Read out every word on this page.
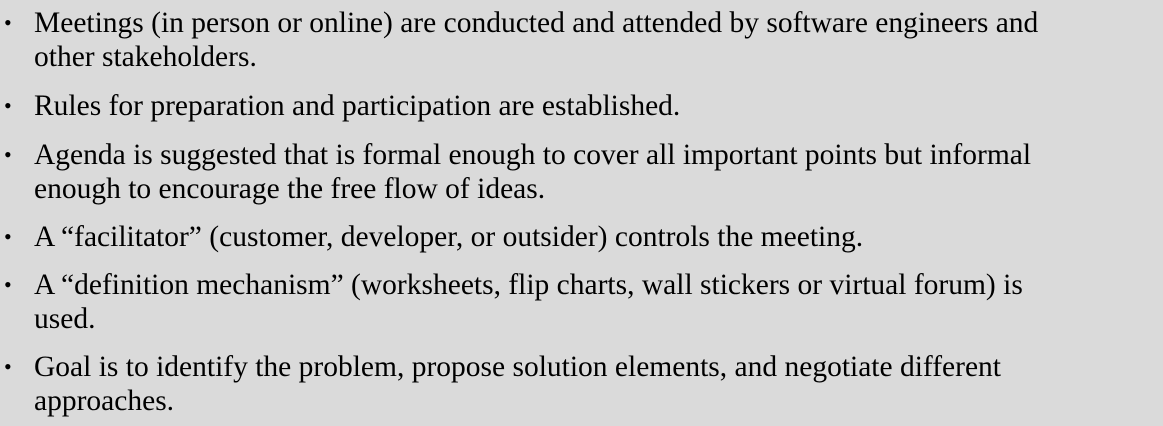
• Meetings (in person or online) are conducted and attended by software engineers and
other stakeholders.
• Rules for preparation and participation are established.
• Agenda is suggested that is formal enough to cover all important points but informal
enough to encourage the free flow of ideas.
• A “facilitator” (customer, developer, or outsider) controls the meeting.
• A “definition mechanism” (worksheets, flip charts, wall stickers or virtual forum) is
used.
• Goal is to identify the problem, propose solution elements, and negotiate different
approaches.
